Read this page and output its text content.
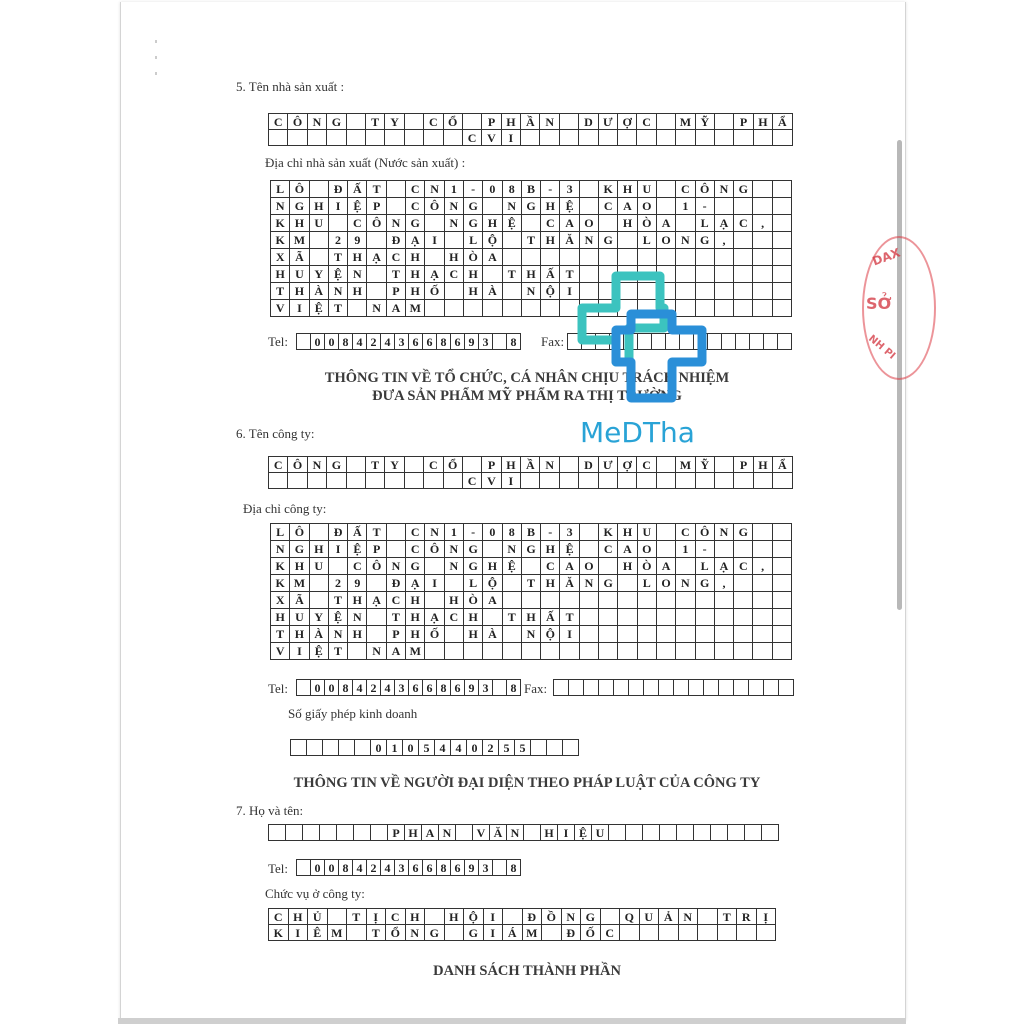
5. Tên nhà sản xuất :
C Ô N G	T Y	C Ổ	P H Ầ N	D Ư Ợ C	M Ỹ	P H Ẩ
C V	I
Địa chỉ nhà sản xuất (Nước sản xuất) :
L Ô	Đ Ấ T	C N 1	-	0	8	B	-	3	K H U	C Ô N G
N G H	I	Ệ P	C Ô N G	N G H Ệ	C A O	1	-
K H U	C Ô N G	N G H Ệ	C A O	H Ò A	L Ạ C	,
K M	2	9	Đ Ạ	I	L Ộ	T H Ă N G	L O N G	,
X Ã	T H Ạ C H	H Ò A
H U Y Ệ N	T H Ạ C H	T H Ấ T
T H À N H	P H Ố	H À	N Ộ	I
V	I	Ệ T	N A M
Tel: 0 0 8 4 2 4 3 6 6 8 6 9 3	8	Fax:
THÔNG TIN VỀ TỔ CHỨC, CÁ NHÂN CHỊU TRÁCH NHIỆM
ĐƯA SẢN PHẨM MỸ PHẨM RA THỊ TRƯỜNG
6. Tên công ty:
C Ô N G	T Y	C Ổ	P H Ầ N	D Ư Ợ C	M Ỹ	P H Ẩ
C V	I
Địa chỉ công ty:
L Ô	Đ Ấ T	C N 1	-	0	8	B	-	3	K H U	C Ô N G
N G H	I	Ệ P	C Ô N G	N G H Ệ	C A O	1	-
K H U	C Ô N G	N G H Ệ	C A O	H Ò A	L Ạ C	,
K M	2	9	Đ Ạ	I	L Ộ	T H Ă N G	L O N G	,
X Ã	T H Ạ C H	H Ò A
H U Y Ệ N	T H Ạ C H	T H Ấ T
T H À N H	P H Ố	H À	N Ộ	I
V	I	Ệ T	N A M
Tel: 0 0 8 4 2 4 3 6 6 8 6 9 3	8 Fax:
Số giấy phép kinh doanh
0 1 0 5 4 4 0 2 5 5
THÔNG TIN VỀ NGƯỜI ĐẠI DIỆN THEO PHÁP LUẬT CỦA CÔNG TY
7. Họ và tên:
P H A N	V Ă N	H I Ệ U
Tel: 0 0 8 4 2 4 3 6 6 8 6 9 3	8
Chức vụ ở công ty:
C H Ủ	T	Ị	C H	H Ộ	I	Đ Ồ N G	Q U Ả N	T R	Ị
K	I	Ê M	T Ổ N G	G	I	Á M	Đ Ố C
DANH SÁCH THÀNH PHẦN
DAX
SỞ
NH PI
MeDTha
